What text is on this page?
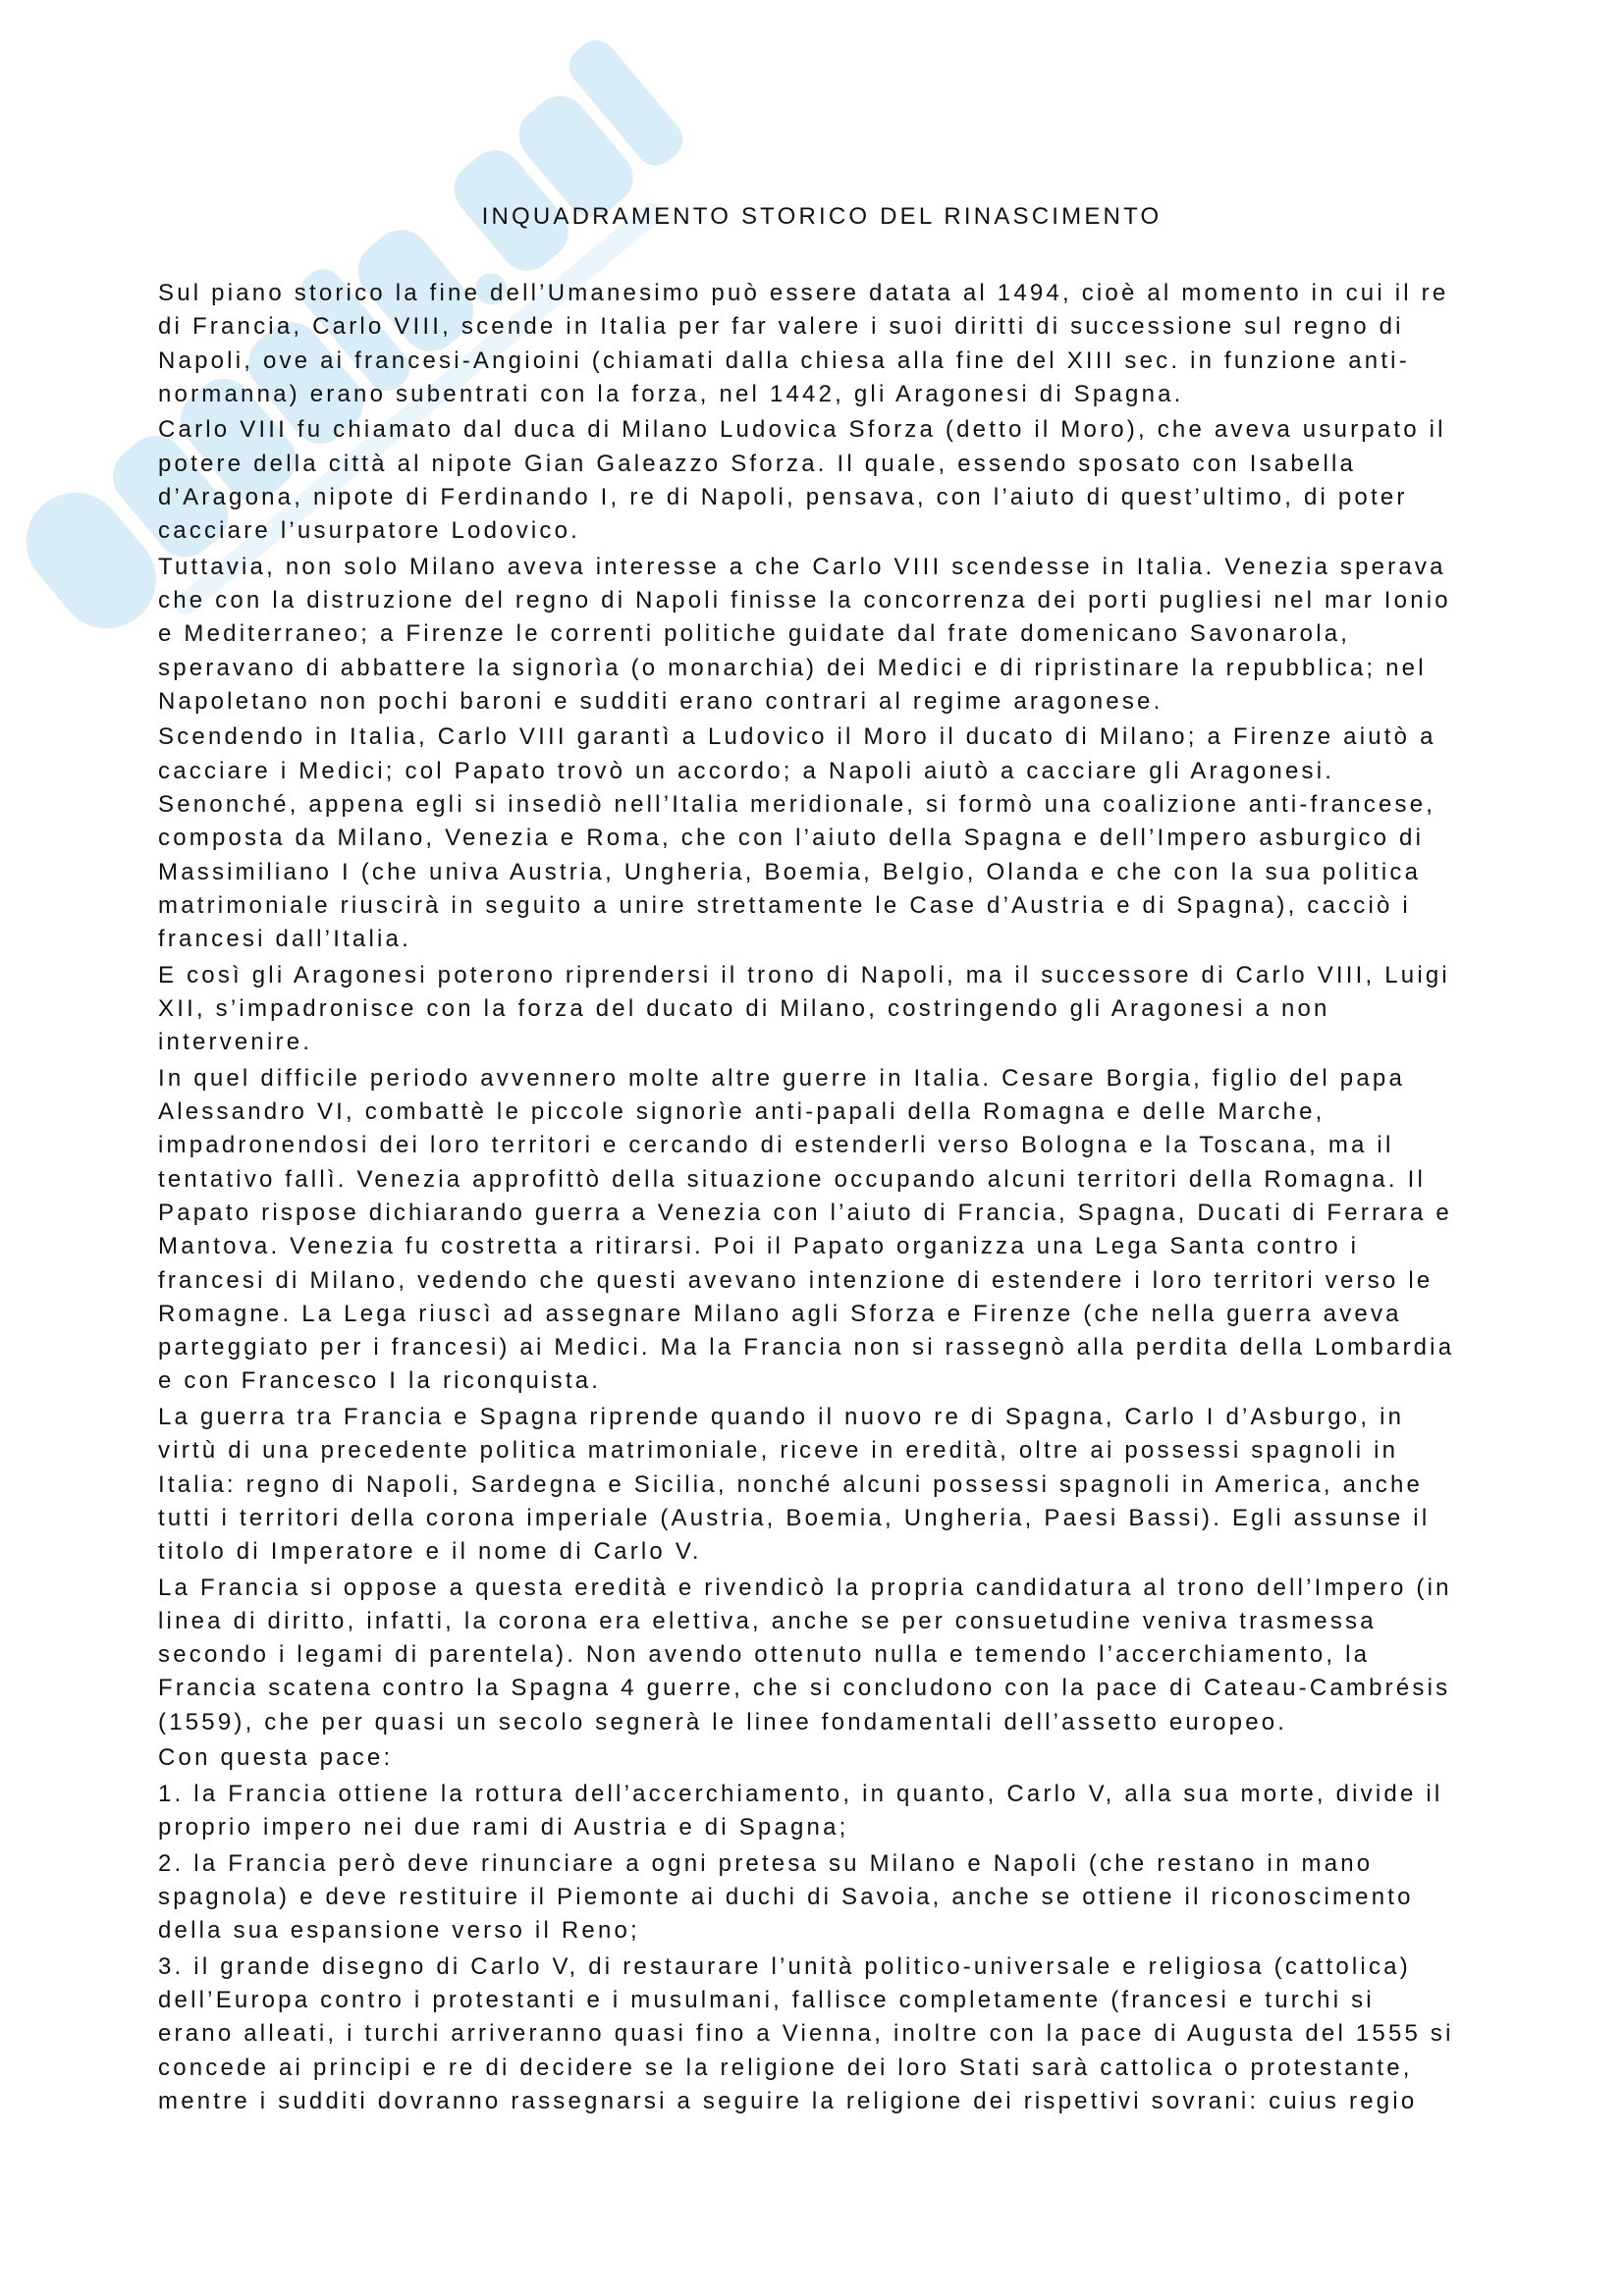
INQUADRAMENTO STORICO DEL RINASCIMENTO
Sul piano storico la fine dell’Umanesimo può essere datata al 1494, cioè al momento in cui il re
di Francia, Carlo VIII, scende in Italia per far valere i suoi diritti di successione sul regno di
Napoli, ove ai francesi-Angioini (chiamati dalla chiesa alla fine del XIII sec. in funzione anti-
normanna) erano subentrati con la forza, nel 1442, gli Aragonesi di Spagna.
Carlo VIII fu chiamato dal duca di Milano Ludovica Sforza (detto il Moro), che aveva usurpato il
potere della città al nipote Gian Galeazzo Sforza. Il quale, essendo sposato con Isabella
d’Aragona, nipote di Ferdinando I, re di Napoli, pensava, con l’aiuto di quest’ultimo, di poter
cacciare l’usurpatore Lodovico.
Tuttavia, non solo Milano aveva interesse a che Carlo VIII scendesse in Italia. Venezia sperava
che con la distruzione del regno di Napoli finisse la concorrenza dei porti pugliesi nel mar Ionio
e Mediterraneo; a Firenze le correnti politiche guidate dal frate domenicano Savonarola,
speravano di abbattere la signorìa (o monarchia) dei Medici e di ripristinare la repubblica; nel
Napoletano non pochi baroni e sudditi erano contrari al regime aragonese.
Scendendo in Italia, Carlo VIII garantì a Ludovico il Moro il ducato di Milano; a Firenze aiutò a
cacciare i Medici; col Papato trovò un accordo; a Napoli aiutò a cacciare gli Aragonesi.
Senonché, appena egli si insediò nell’Italia meridionale, si formò una coalizione anti-francese,
composta da Milano, Venezia e Roma, che con l’aiuto della Spagna e dell’Impero asburgico di
Massimiliano I (che univa Austria, Ungheria, Boemia, Belgio, Olanda e che con la sua politica
matrimoniale riuscirà in seguito a unire strettamente le Case d’Austria e di Spagna), cacciò i
francesi dall’Italia.
E così gli Aragonesi poterono riprendersi il trono di Napoli, ma il successore di Carlo VIII, Luigi
XII, s’impadronisce con la forza del ducato di Milano, costringendo gli Aragonesi a non
intervenire.
In quel difficile periodo avvennero molte altre guerre in Italia. Cesare Borgia, figlio del papa
Alessandro VI, combattè le piccole signorìe anti-papali della Romagna e delle Marche,
impadronendosi dei loro territori e cercando di estenderli verso Bologna e la Toscana, ma il
tentativo fallì. Venezia approfittò della situazione occupando alcuni territori della Romagna. Il
Papato rispose dichiarando guerra a Venezia con l’aiuto di Francia, Spagna, Ducati di Ferrara e
Mantova. Venezia fu costretta a ritirarsi. Poi il Papato organizza una Lega Santa contro i
francesi di Milano, vedendo che questi avevano intenzione di estendere i loro territori verso le
Romagne. La Lega riuscì ad assegnare Milano agli Sforza e Firenze (che nella guerra aveva
parteggiato per i francesi) ai Medici. Ma la Francia non si rassegnò alla perdita della Lombardia
e con Francesco I la riconquista.
La guerra tra Francia e Spagna riprende quando il nuovo re di Spagna, Carlo I d’Asburgo, in
virtù di una precedente politica matrimoniale, riceve in eredità, oltre ai possessi spagnoli in
Italia: regno di Napoli, Sardegna e Sicilia, nonché alcuni possessi spagnoli in America, anche
tutti i territori della corona imperiale (Austria, Boemia, Ungheria, Paesi Bassi). Egli assunse il
titolo di Imperatore e il nome di Carlo V.
La Francia si oppose a questa eredità e rivendicò la propria candidatura al trono dell’Impero (in
linea di diritto, infatti, la corona era elettiva, anche se per consuetudine veniva trasmessa
secondo i legami di parentela). Non avendo ottenuto nulla e temendo l’accerchiamento, la
Francia scatena contro la Spagna 4 guerre, che si concludono con la pace di Cateau-Cambrésis
(1559), che per quasi un secolo segnerà le linee fondamentali dell’assetto europeo.
Con questa pace:
1. la Francia ottiene la rottura dell’accerchiamento, in quanto, Carlo V, alla sua morte, divide il
proprio impero nei due rami di Austria e di Spagna;
2. la Francia però deve rinunciare a ogni pretesa su Milano e Napoli (che restano in mano
spagnola) e deve restituire il Piemonte ai duchi di Savoia, anche se ottiene il riconoscimento
della sua espansione verso il Reno;
3. il grande disegno di Carlo V, di restaurare l’unità politico-universale e religiosa (cattolica)
dell’Europa contro i protestanti e i musulmani, fallisce completamente (francesi e turchi si
erano alleati, i turchi arriveranno quasi fino a Vienna, inoltre con la pace di Augusta del 1555 si
concede ai principi e re di decidere se la religione dei loro Stati sarà cattolica o protestante,
mentre i sudditi dovranno rassegnarsi a seguire la religione dei rispettivi sovrani: cuius regio
